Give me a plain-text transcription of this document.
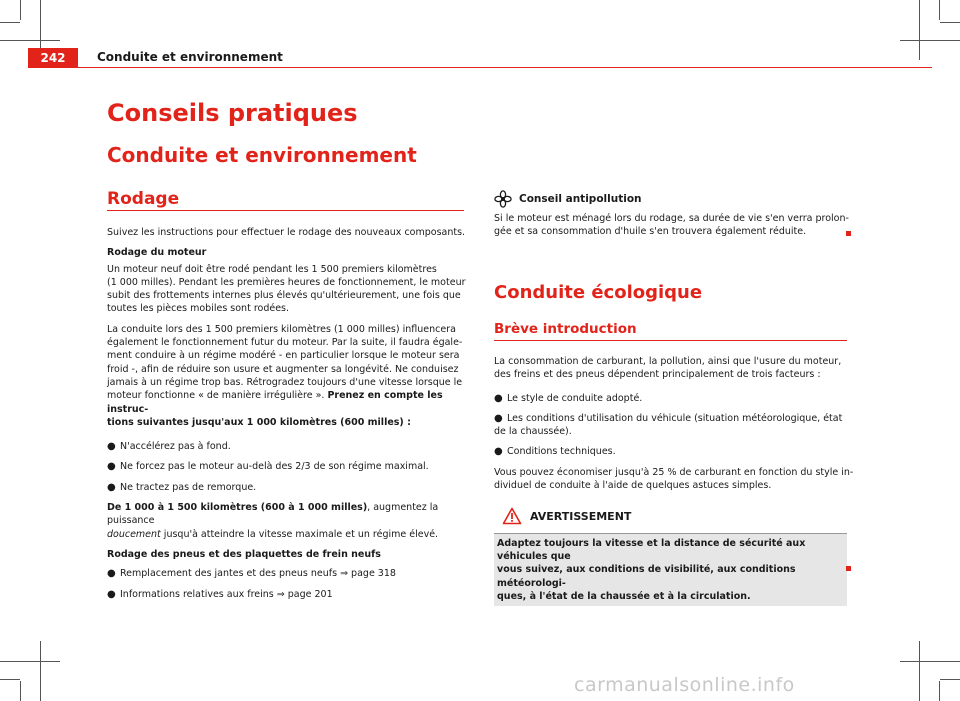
242	Conduite et environnement
Conseils pratiques
Conduite et environnement
Rodage

Suivez les instructions pour effectuer le rodage des nouveaux composants.

Rodage du moteur

Un moteur neuf doit être rodé pendant les 1 500 premiers kilomètres
(1 000 milles). Pendant les premières heures de fonctionnement, le moteur
subit des frottements internes plus élevés qu'ultérieurement, une fois que
toutes les pièces mobiles sont rodées.

La conduite lors des 1 500 premiers kilomètres (1 000 milles) influencera
également le fonctionnement futur du moteur. Par la suite, il faudra égale-
ment conduire à un régime modéré - en particulier lorsque le moteur sera
froid -, afin de réduire son usure et augmenter sa longévité. Ne conduisez
jamais à un régime trop bas. Rétrogradez toujours d'une vitesse lorsque le
moteur fonctionne « de manière irrégulière ». Prenez en compte les instruc-
tions suivantes jusqu'aux 1 000 kilomètres (600 milles) :

● N'accélérez pas à fond.
● Ne forcez pas le moteur au-delà des 2/3 de son régime maximal.
● Ne tractez pas de remorque.

De 1 000 à 1 500 kilomètres (600 à 1 000 milles), augmentez la puissance
doucement jusqu'à atteindre la vitesse maximale et un régime élevé.

Rodage des pneus et des plaquettes de frein neufs
● Remplacement des jantes et des pneus neufs ⇒ page 318
● Informations relatives aux freins ⇒ page 201
Conseil antipollution
Si le moteur est ménagé lors du rodage, sa durée de vie s'en verra prolon-
gée et sa consommation d'huile s'en trouvera également réduite.
Conduite écologique
Brève introduction

La consommation de carburant, la pollution, ainsi que l'usure du moteur,
des freins et des pneus dépendent principalement de trois facteurs :

● Le style de conduite adopté.
● Les conditions d'utilisation du véhicule (situation météorologique, état

de la chaussée).

● Conditions techniques.

Vous pouvez économiser jusqu'à 25 % de carburant en fonction du style in-
dividuel de conduite à l'aide de quelques astuces simples.

AVERTISSEMENT
Adaptez toujours la vitesse et la distance de sécurité aux véhicules que
vous suivez, aux conditions de visibilité, aux conditions météorologi-
ques, à l'état de la chaussée et à la circulation.
carmanualsonline.info
